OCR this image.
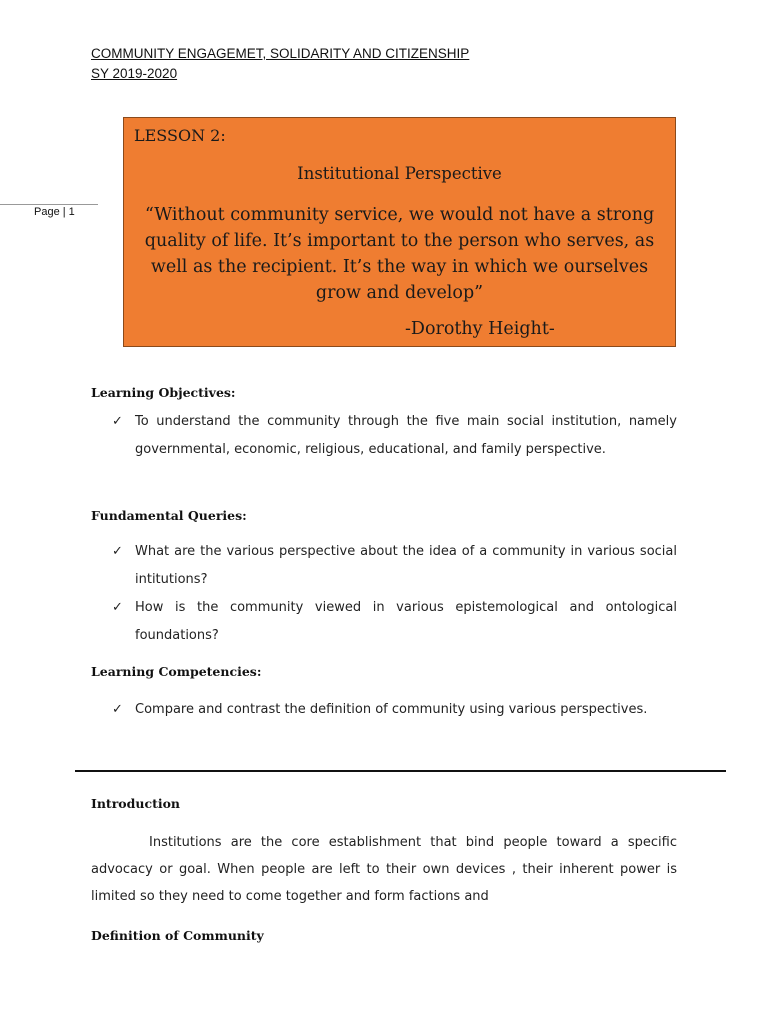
COMMUNITY ENGAGEMET, SOLIDARITY AND CITIZENSHIP
SY 2019-2020
Page | 1
LESSON 2:
Institutional Perspective
“Without community service, we would not have a strong quality of life. It’s important to the person who serves, as well as the recipient. It’s the way in which we ourselves grow and develop”
-Dorothy Height-
Learning Objectives:
✓ To understand the community through the five main social institution, namely governmental, economic, religious, educational, and family perspective.
Fundamental Queries:
✓ What are the various perspective about the idea of a community in various social intitutions?
✓ How is the community viewed in various epistemological and ontological foundations?
Learning Competencies:
✓ Compare and contrast the definition of community using various perspectives.
Introduction

Institutions are the core establishment that bind people toward a specific advocacy or goal. When people are left to their own devices , their inherent power is limited so they need to come together and form factions and

Definition of Community
